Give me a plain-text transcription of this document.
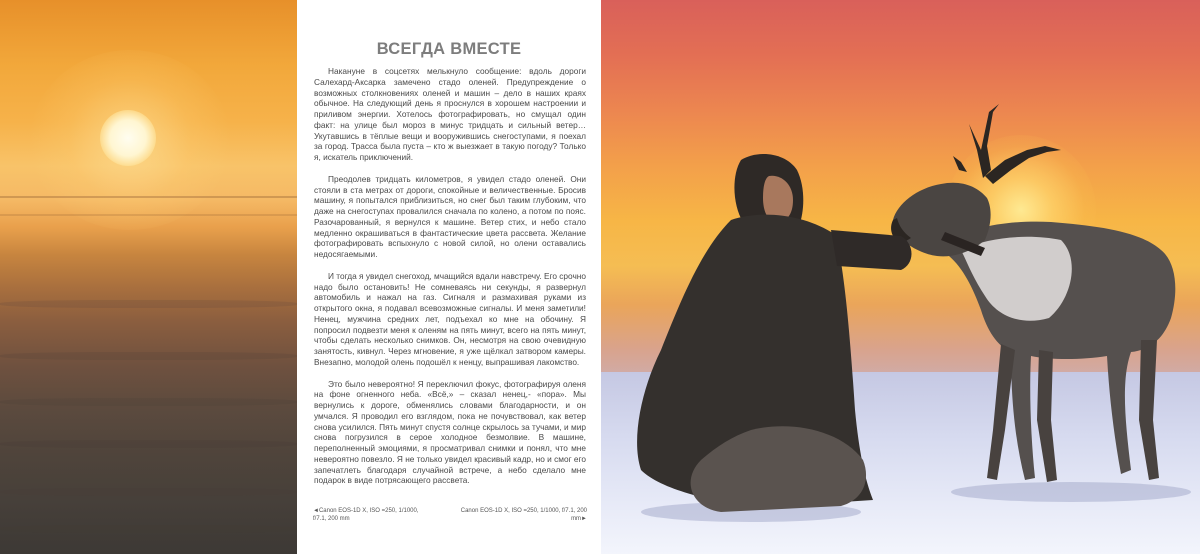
ВСЕГДА ВМЕСТЕ

Накануне в соцсетях мелькнуло сообщение: вдоль дороги Салехард-Аксарка замечено стадо оленей. Предупреждение о возможных столкновениях оленей и машин – дело в наших краях обычное. На следующий день я проснулся в хорошем настроении и приливом энергии. Хотелось фотографировать, но смущал один факт: на улице был мороз в минус тридцать и сильный ветер… Укутавшись в тёплые вещи и вооружившись снегоступами, я поехал за город. Трасса была пуста – кто ж выезжает в такую погоду? Только я, искатель приключений.

Преодолев тридцать километров, я увидел стадо оленей. Они стояли в ста метрах от дороги, спокойные и величественные. Бросив машину, я попытался приблизиться, но снег был таким глубоким, что даже на снегоступах провалился сначала по колено, а потом по пояс. Разочарованный, я вернулся к машине. Ветер стих, и небо стало медленно окрашиваться в фантастические цвета рассвета. Желание фотографировать вспыхнуло с новой силой, но олени оставались недосягаемыми.

И тогда я увидел снегоход, мчащийся вдали навстречу. Его срочно надо было остановить! Не сомневаясь ни секунды, я развернул автомобиль и нажал на газ. Сигналя и размахивая руками из открытого окна, я подавал всевозможные сигналы. И меня заметили! Ненец, мужчина средних лет, подъехал ко мне на обочину. Я попросил подвезти меня к оленям на пять минут, всего на пять минут, чтобы сделать несколько снимков. Он, несмотря на свою очевидную занятость, кивнул. Через мгновение, я уже щёлкал затвором камеры. Внезапно, молодой олень подошёл к ненцу, выпрашивая лакомство.

Это было невероятно! Я переключил фокус, фотографируя оленя на фоне огненного неба. «Всё,» – сказал ненец,- «пора». Мы вернулись к дороге, обменялись словами благодарности, и он умчался. Я проводил его взглядом, пока не почувствовал, как ветер снова усилился. Пять минут спустя солнце скрылось за тучами, и мир снова погрузился в серое холодное безмолвие. В машине, переполненный эмоциями, я просматривал снимки и понял, что мне невероятно повезло. Я не только увидел красивый кадр, но и смог его запечатлеть благодаря случайной встрече, а небо сделало мне подарок в виде потрясающего рассвета.

◄Canon EOS-1D X, ISO =250, 1/1000, f/7.1, 200 mm
Canon EOS-1D X, ISO =250, 1/1000, f/7.1, 200 mm►
